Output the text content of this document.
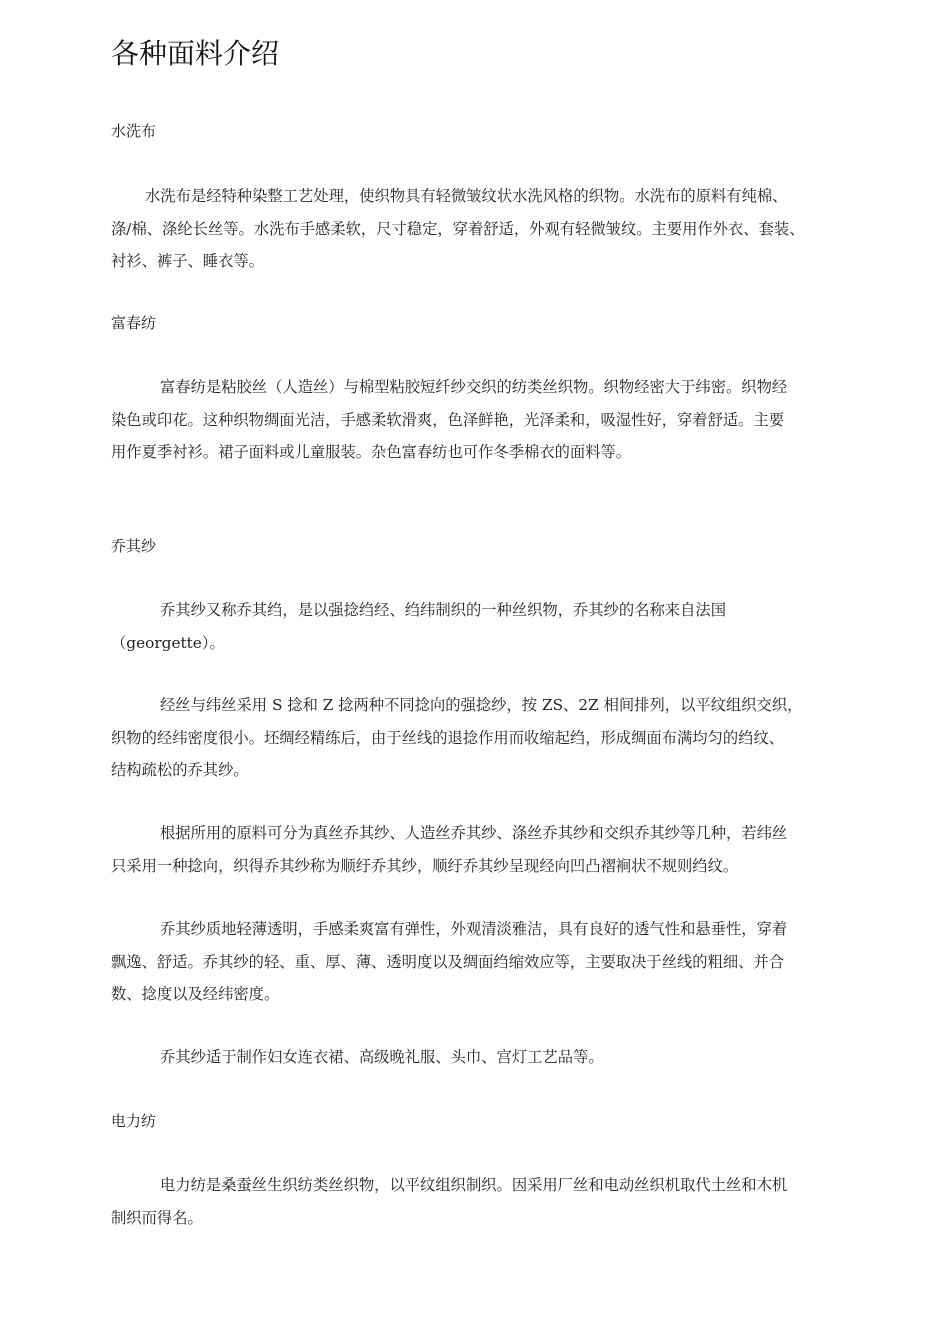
各种面料介绍
水洗布
水洗布是经特种染整工艺处理，使织物具有轻微皱纹状水洗风格的织物。水洗布的原料有纯棉、
涤/棉、涤纶长丝等。水洗布手感柔软，尺寸稳定，穿着舒适，外观有轻微皱纹。主要用作外衣、套装、
衬衫、裤子、睡衣等。
富春纺
富春纺是粘胶丝（人造丝）与棉型粘胶短纤纱交织的纺类丝织物。织物经密大于纬密。织物经
染色或印花。这种织物绸面光洁，手感柔软滑爽，色泽鲜艳，光泽柔和，吸湿性好，穿着舒适。主要
用作夏季衬衫。裙子面料或儿童服装。杂色富春纺也可作冬季棉衣的面料等。
乔其纱
乔其纱又称乔其绉，是以强捻绉经、绉纬制织的一种丝织物，乔其纱的名称来自法国
（georgette）。
经丝与纬丝采用 S 捻和 Z 捻两种不同捻向的强捻纱，按 ZS、2Z 相间排列，以平纹组织交织，
织物的经纬密度很小。坯绸经精练后，由于丝线的退捻作用而收缩起绉，形成绸面布满均匀的绉纹、
结构疏松的乔其纱。
根据所用的原料可分为真丝乔其纱、人造丝乔其纱、涤丝乔其纱和交织乔其纱等几种，若纬丝
只采用一种捻向，织得乔其纱称为顺纡乔其纱，顺纡乔其纱呈现经向凹凸褶裥状不规则绉纹。
乔其纱质地轻薄透明，手感柔爽富有弹性，外观清淡雅洁，具有良好的透气性和悬垂性，穿着
飘逸、舒适。乔其纱的轻、重、厚、薄、透明度以及绸面绉缩效应等，主要取决于丝线的粗细、并合
数、捻度以及经纬密度。
乔其纱适于制作妇女连衣裙、高级晚礼服、头巾、宫灯工艺品等。
电力纺
电力纺是桑蚕丝生织纺类丝织物，以平纹组织制织。因采用厂丝和电动丝织机取代土丝和木机
制织而得名。
